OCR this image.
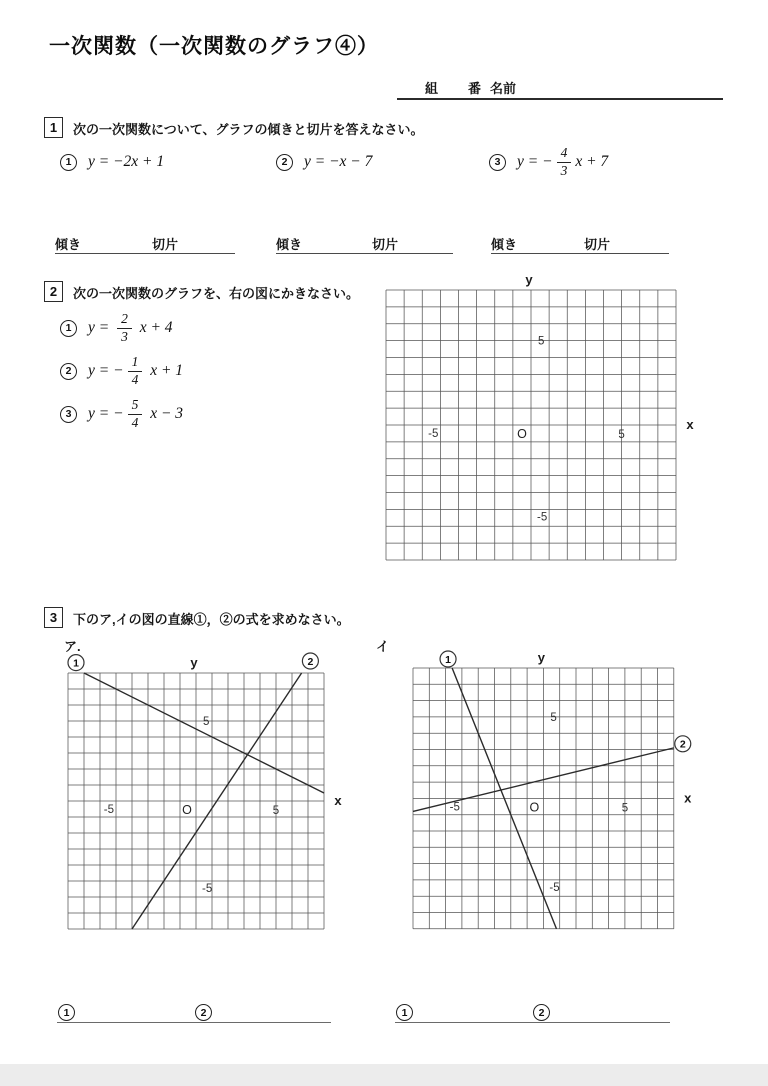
一次関数（一次関数のグラフ④）
組 番 名前
1	次の一次関数について、グラフの傾きと切片を答えなさい。
1	y = −2x + 1	2	y = −x − 7	3	y = − $\frac{4}{3}$ x + 7
傾き	切片	傾き	切片	傾き	切片
2	次の一次関数のグラフを、右の図にかきなさい。
1	$y = \frac{2}{3}$ x + 4
2	y = − $\frac{1}{4}$ x + 1
3	y = − $\frac{5}{4}$ x − 3
y
x
O
5
-5
-5	5
3	下のア,イの図の直線①，②の式を求めなさい。
ア.	イ
y
x
O
5
-5
-5	5
1	2	y
x
O
5
-5
-5	5
1
2
1	2	1	2
